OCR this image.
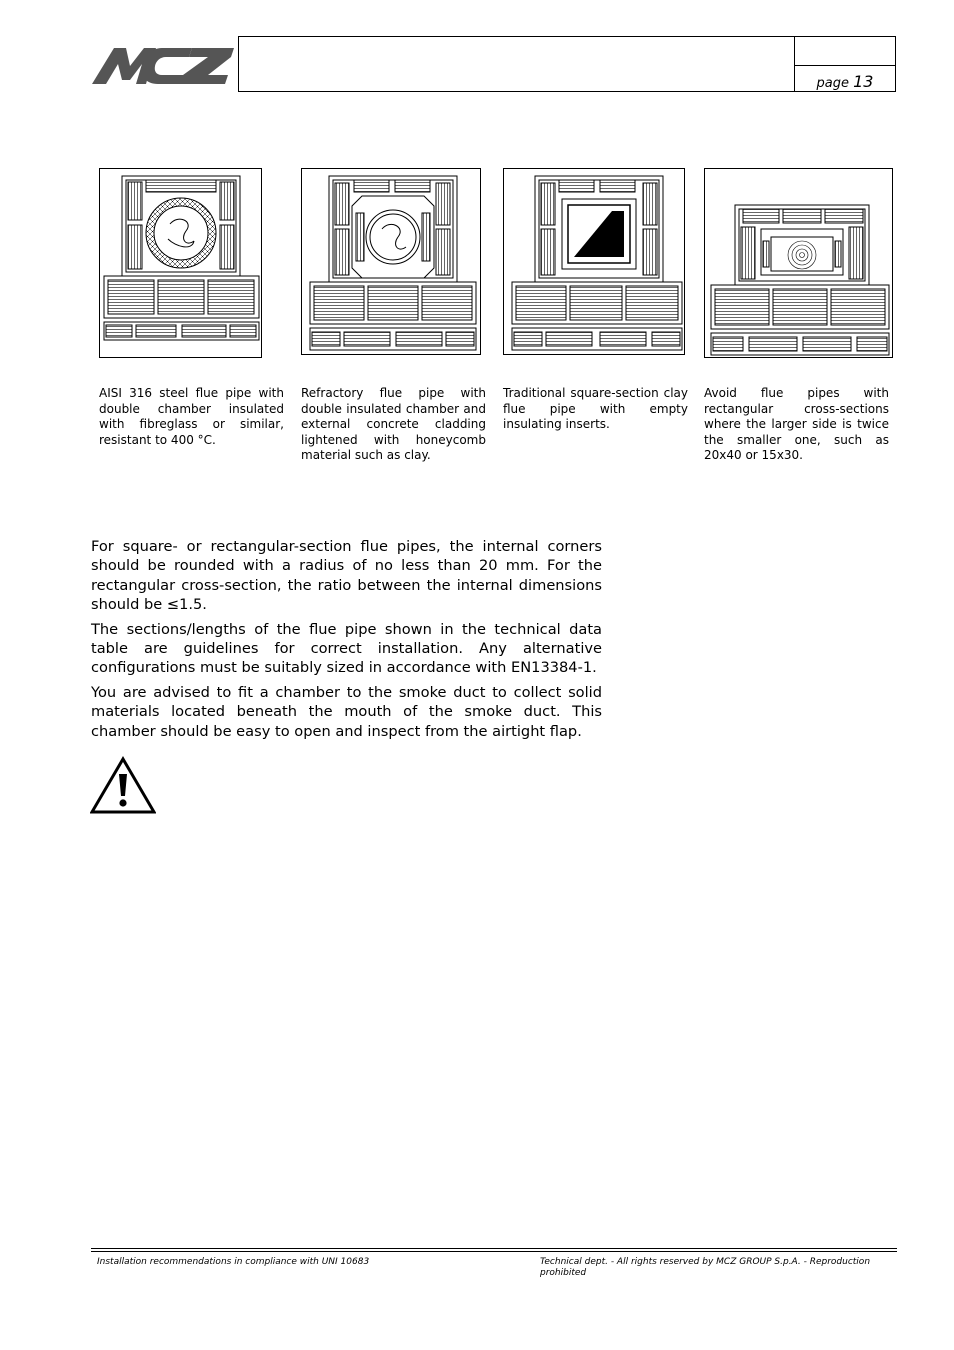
page 13
AISI 316 steel flue pipe with double chamber insulated with fibreglass or similar, resistant to 400 °C.
Refractory flue pipe with double insulated chamber and external concrete cladding lightened with honeycomb material such as clay.
Traditional square-section clay flue pipe with empty insulating inserts.
Avoid flue pipes with rectangular cross-sections where the larger side is twice the smaller one, such as 20x40 or 15x30.

For square- or rectangular-section flue pipes, the internal corners should be rounded with a radius of no less than 20 mm. For the rectangular cross-section, the ratio between the internal dimensions should be ≤1.5.

The sections/lengths of the flue pipe shown in the technical data table are guidelines for correct installation. Any alternative configurations must be suitably sized in accordance with EN13384-1.

You are advised to fit a chamber to the smoke duct to collect solid materials located beneath the mouth of the smoke duct. This chamber should be easy to open and inspect from the airtight flap.

Installation recommendations in compliance with UNI 10683	Technical dept. - All rights reserved by MCZ GROUP S.p.A. - Reproduction prohibited
